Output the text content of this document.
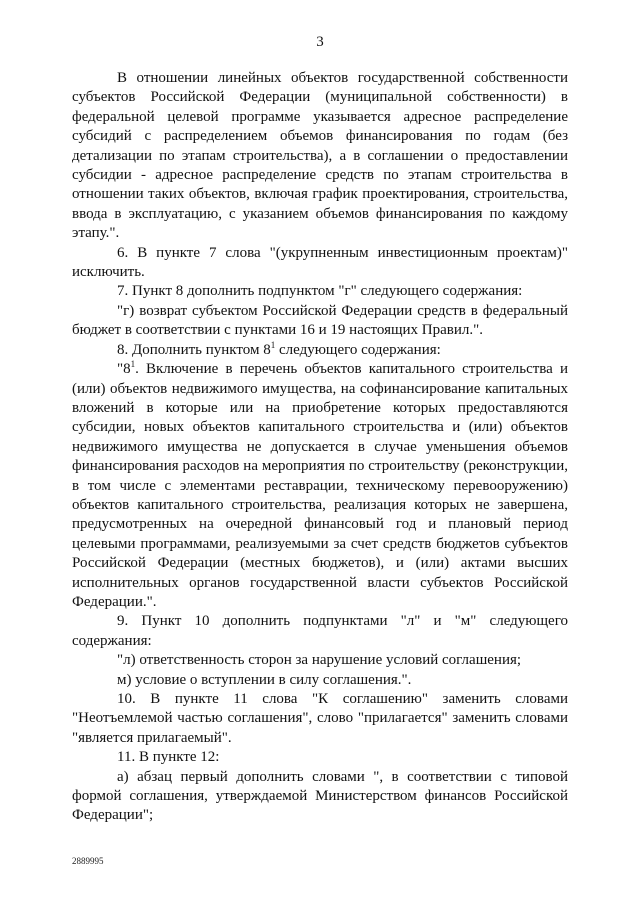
3

В отношении линейных объектов государственной собственности субъектов Российской Федерации (муниципальной собственности) в федеральной целевой программе указывается адресное распределение субсидий с распределением объемов финансирования по годам (без детализации по этапам строительства), а в соглашении о предоставлении субсидии - адресное распределение средств по этапам строительства в отношении таких объектов, включая график проектирования, строительства, ввода в эксплуатацию, с указанием объемов финансирования по каждому этапу.".

6. В пункте 7 слова "(укрупненным инвестиционным проектам)" исключить.

7. Пункт 8 дополнить подпунктом "г" следующего содержания:

"г) возврат субъектом Российской Федерации средств в федеральный бюджет в соответствии с пунктами 16 и 19 настоящих Правил.".

8. Дополнить пунктом $8^1$ следующего содержания:

"$8^1$. Включение в перечень объектов капитального строительства и (или) объектов недвижимого имущества, на софинансирование капитальных вложений в которые или на приобретение которых предоставляются субсидии, новых объектов капитального строительства и (или) объектов недвижимого имущества не допускается в случае уменьшения объемов финансирования расходов на мероприятия по строительству (реконструкции, в том числе с элементами реставрации, техническому перевооружению) объектов капитального строительства, реализация которых не завершена, предусмотренных на очередной финансовый год и плановый период целевыми программами, реализуемыми за счет средств бюджетов субъектов Российской Федерации (местных бюджетов), и (или) актами высших исполнительных органов государственной власти субъектов Российской Федерации.".

9. Пункт 10 дополнить подпунктами "л" и "м" следующего содержания:

"л) ответственность сторон за нарушение условий соглашения;

м) условие о вступлении в силу соглашения.".

10. В пункте 11 слова "К соглашению" заменить словами "Неотъемлемой частью соглашения", слово "прилагается" заменить словами "является прилагаемый".

11. В пункте 12:

а) абзац первый дополнить словами ", в соответствии с типовой формой соглашения, утверждаемой Министерством финансов Российской Федерации";

2889995
